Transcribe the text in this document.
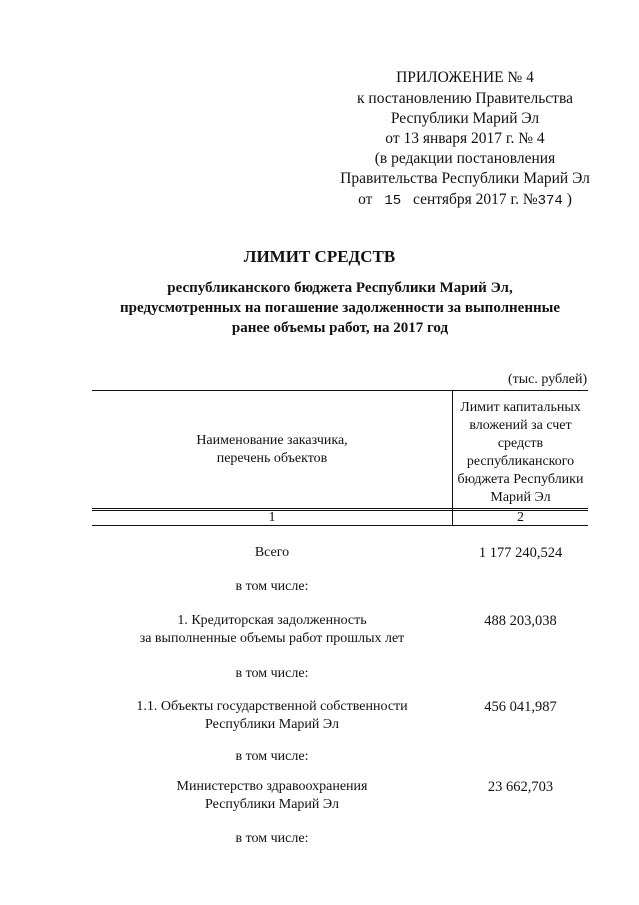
ПРИЛОЖЕНИЕ № 4
к постановлению Правительства
Республики Марий Эл
от 13 января 2017 г. № 4
(в редакции постановления
Правительства Республики Марий Эл
от 15 сентября 2017 г. №374 )
ЛИМИТ СРЕДСТВ
республиканского бюджета Республики Марий Эл,
предусмотренных на погашение задолженности за выполненные
ранее объемы работ, на 2017 год
(тыс. рублей)
Наименование заказчика,
перечень объектов
Лимит капитальных
вложений за счет
средств
республиканского
бюджета Республики
Марий Эл
1	2
Всего	1 177 240,524
в том числе:
1. Кредиторская задолженность
за выполненные объемы работ прошлых лет
488 203,038
в том числе:
1.1. Объекты государственной собственности
Республики Марий Эл
456 041,987
в том числе:
Министерство здравоохранения
Республики Марий Эл
23 662,703
в том числе:
